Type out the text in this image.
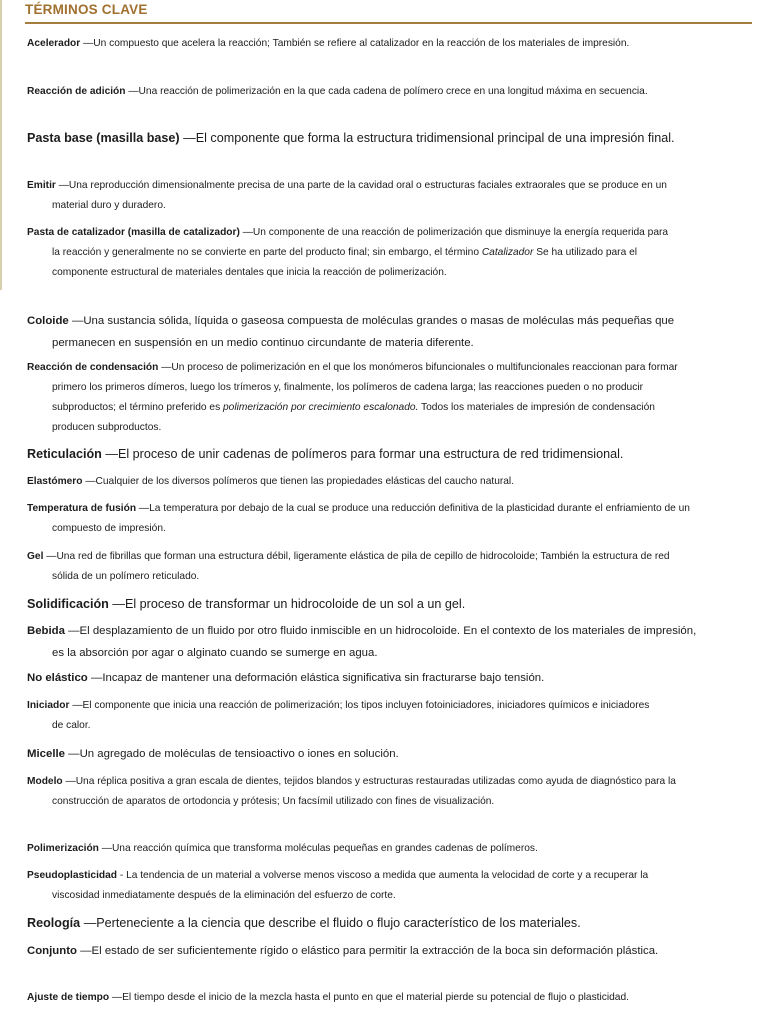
TÉRMINOS CLAVE

Acelerador —Un compuesto que acelera la reacción; También se refiere al catalizador en la reacción de los materiales de impresión.

Reacción de adición —Una reacción de polimerización en la que cada cadena de polímero crece en una longitud máxima en secuencia.

Pasta base (masilla base) —El componente que forma la estructura tridimensional principal de una impresión final.

Emitir —Una reproducción dimensionalmente precisa de una parte de la cavidad oral o estructuras faciales extraorales que se produce en un
material duro y duradero.

Pasta de catalizador (masilla de catalizador) —Un componente de una reacción de polimerización que disminuye la energía requerida para
la reacción y generalmente no se convierte en parte del producto final; sin embargo, el término Catalizador Se ha utilizado para el
componente estructural de materiales dentales que inicia la reacción de polimerización.

Coloide —Una sustancia sólida, líquida o gaseosa compuesta de moléculas grandes o masas de moléculas más pequeñas que
permanecen en suspensión en un medio continuo circundante de materia diferente.

Reacción de condensación —Un proceso de polimerización en el que los monómeros bifuncionales o multifuncionales reaccionan para formar
primero los primeros dímeros, luego los trímeros y, finalmente, los polímeros de cadena larga; las reacciones pueden o no producir
subproductos; el término preferido es polimerización por crecimiento escalonado. Todos los materiales de impresión de condensación
producen subproductos.

Reticulación —El proceso de unir cadenas de polímeros para formar una estructura de red tridimensional.

Elastómero —Cualquier de los diversos polímeros que tienen las propiedades elásticas del caucho natural.

Temperatura de fusión —La temperatura por debajo de la cual se produce una reducción definitiva de la plasticidad durante el enfriamiento de un
compuesto de impresión.

Gel —Una red de fibrillas que forman una estructura débil, ligeramente elástica de pila de cepillo de hidrocoloide; También la estructura de red
sólida de un polímero reticulado.

Solidificación —El proceso de transformar un hidrocoloide de un sol a un gel.

Bebida —El desplazamiento de un fluido por otro fluido inmiscible en un hidrocoloide. En el contexto de los materiales de impresión,
es la absorción por agar o alginato cuando se sumerge en agua.

No elástico —Incapaz de mantener una deformación elástica significativa sin fracturarse bajo tensión.

Iniciador —El componente que inicia una reacción de polimerización; los tipos incluyen fotoiniciadores, iniciadores químicos e iniciadores
de calor.

Micelle —Un agregado de moléculas de tensioactivo o iones en solución.

Modelo —Una réplica positiva a gran escala de dientes, tejidos blandos y estructuras restauradas utilizadas como ayuda de diagnóstico para la
construcción de aparatos de ortodoncia y prótesis; Un facsímil utilizado con fines de visualización.

Polimerización —Una reacción química que transforma moléculas pequeñas en grandes cadenas de polímeros.

Pseudoplasticidad - La tendencia de un material a volverse menos viscoso a medida que aumenta la velocidad de corte y a recuperar la
viscosidad inmediatamente después de la eliminación del esfuerzo de corte.

Reología —Perteneciente a la ciencia que describe el fluido o flujo característico de los materiales.

Conjunto —El estado de ser suficientemente rígido o elástico para permitir la extracción de la boca sin deformación plástica.

Ajuste de tiempo —El tiempo desde el inicio de la mezcla hasta el punto en que el material pierde su potencial de flujo o plasticidad.
